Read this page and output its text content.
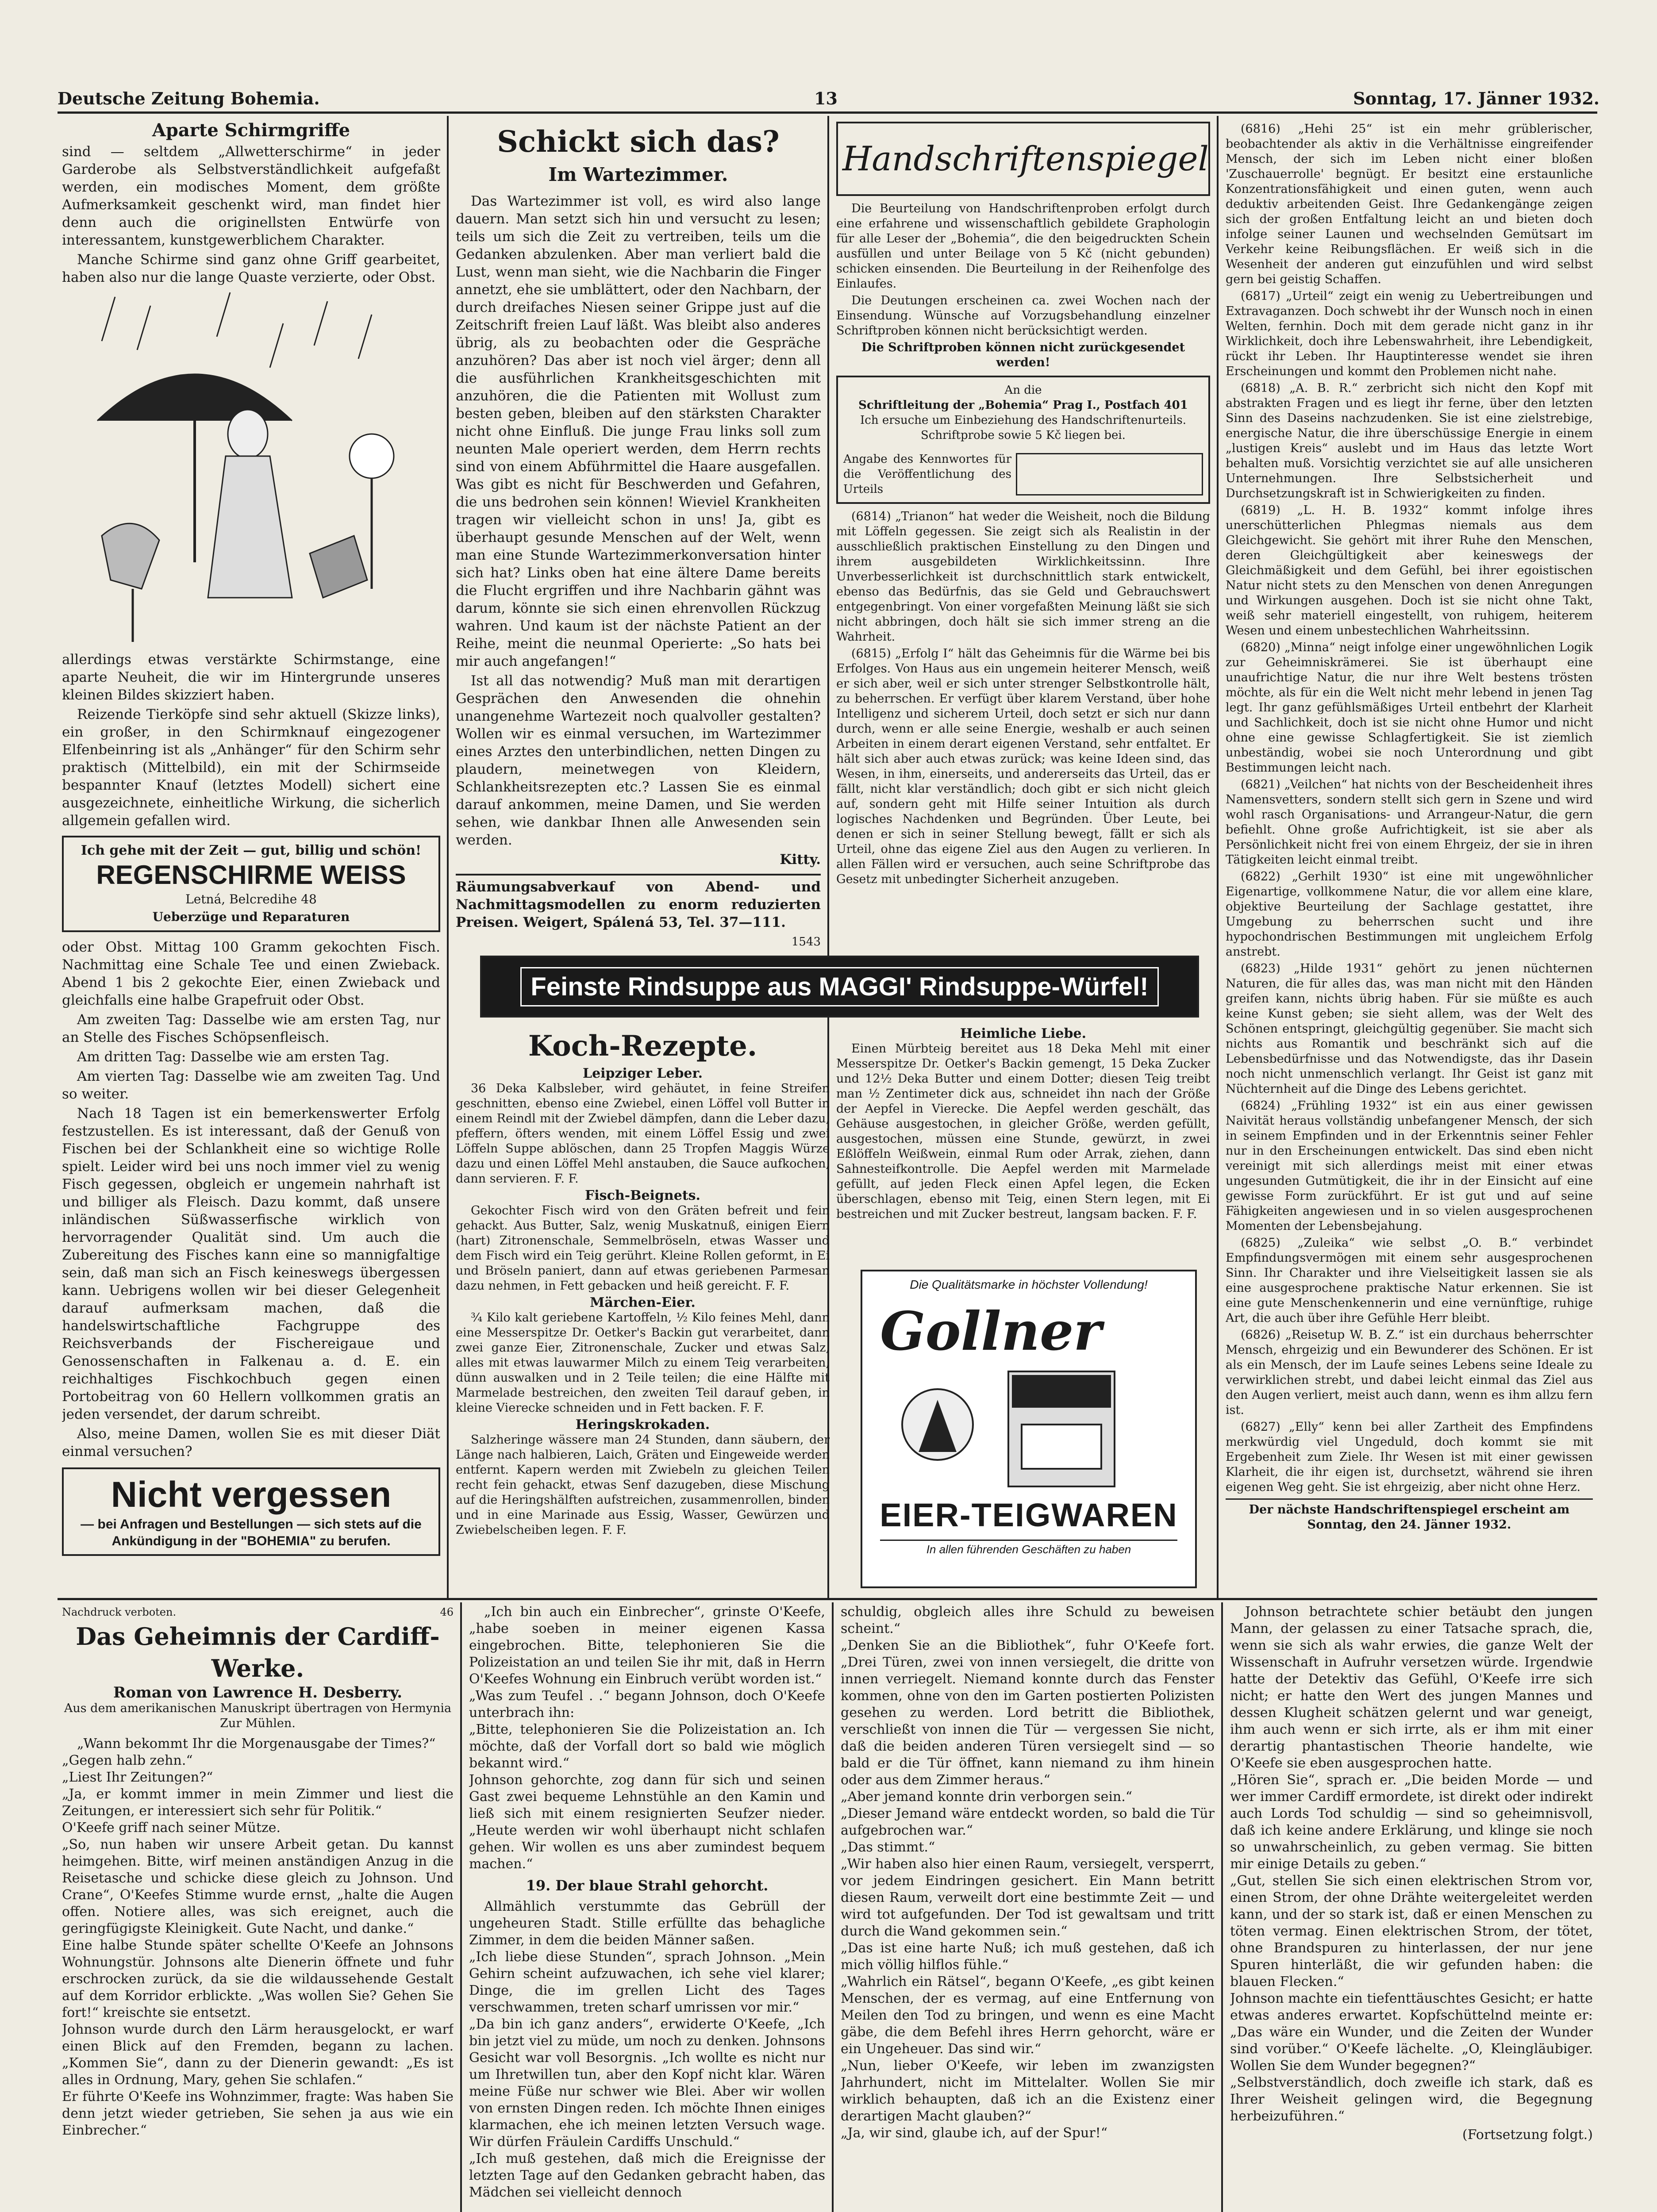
Deutsche Zeitung Bohemia.	13	Sonntag, 17. Jänner 1932.
Aparte Schirmgriffe

sind — seltdem „Allwetterschirme“ in jeder Garderobe als Selbstverständlichkeit aufgefaßt werden, ein modisches Moment, dem größte Aufmerksamkeit geschenkt wird, man findet hier denn auch die originellsten Entwürfe von interessantem, kunstgewerblichem Charakter.

Manche Schirme sind ganz ohne Griff gearbeitet, haben also nur die lange Quaste verzierte, oder Obst.

allerdings etwas verstärkte Schirmstange, eine aparte Neuheit, die wir im Hintergrunde unseres kleinen Bildes skizziert haben.

Reizende Tierköpfe sind sehr aktuell (Skizze links), ein großer, in den Schirmknauf eingezogener Elfenbeinring ist als „Anhänger“ für den Schirm sehr praktisch (Mittelbild), ein mit der Schirmseide bespannter Knauf (letztes Modell) sichert eine ausgezeichnete, einheitliche Wirkung, die sicherlich allgemein gefallen wird.

Ich gehe mit der Zeit — gut, billig und schön!
REGENSCHIRME WEISS
Letná, Belcredihe 48
Ueberzüge und Reparaturen

oder Obst. Mittag 100 Gramm gekochten Fisch. Nachmittag eine Schale Tee und einen Zwieback. Abend 1 bis 2 gekochte Eier, einen Zwieback und gleichfalls eine halbe Grapefruit oder Obst.

Am zweiten Tag: Dasselbe wie am ersten Tag, nur an Stelle des Fisches Schöpsenfleisch.

Am dritten Tag: Dasselbe wie am ersten Tag.

Am vierten Tag: Dasselbe wie am zweiten Tag. Und so weiter.

Nach 18 Tagen ist ein bemerkenswerter Erfolg festzustellen. Es ist interessant, daß der Genuß von Fischen bei der Schlankheit eine so wichtige Rolle spielt. Leider wird bei uns noch immer viel zu wenig Fisch gegessen, obgleich er ungemein nahrhaft ist und billiger als Fleisch. Dazu kommt, daß unsere inländischen Süßwasserfische wirklich von hervorragender Qualität sind. Um auch die Zubereitung des Fisches kann eine so mannigfaltige sein, daß man sich an Fisch keineswegs übergessen kann. Uebrigens wollen wir bei dieser Gelegenheit darauf aufmerksam machen, daß die handelswirtschaftliche Fachgruppe des Reichsverbands der Fischereigaue und Genossenschaften in Falkenau a. d. E. ein reichhaltiges Fischkochbuch gegen einen Portobeitrag von 60 Hellern vollkommen gratis an jeden versendet, der darum schreibt.

Also, meine Damen, wollen Sie es mit dieser Diät einmal versuchen?

Nicht vergessen
— bei Anfragen und Bestellungen — sich stets auf die Ankündigung in der "BOHEMIA" zu berufen.
Schickt sich das?
Im Wartezimmer.

Das Wartezimmer ist voll, es wird also lange dauern. Man setzt sich hin und versucht zu lesen; teils um sich die Zeit zu vertreiben, teils um die Gedanken abzulenken. Aber man verliert bald die Lust, wenn man sieht, wie die Nachbarin die Finger annetzt, ehe sie umblättert, oder den Nachbarn, der durch dreifaches Niesen seiner Grippe just auf die Zeitschrift freien Lauf läßt. Was bleibt also anderes übrig, als zu beobachten oder die Gespräche anzuhören? Das aber ist noch viel ärger; denn all die ausführlichen Krankheitsgeschichten mit anzuhören, die die Patienten mit Wollust zum besten geben, bleiben auf den stärksten Charakter nicht ohne Einfluß. Die junge Frau links soll zum neunten Male operiert werden, dem Herrn rechts sind von einem Abführmittel die Haare ausgefallen. Was gibt es nicht für Beschwerden und Gefahren, die uns bedrohen sein können! Wieviel Krankheiten tragen wir vielleicht schon in uns! Ja, gibt es überhaupt gesunde Menschen auf der Welt, wenn man eine Stunde Wartezimmerkonversation hinter sich hat? Links oben hat eine ältere Dame bereits die Flucht ergriffen und ihre Nachbarin gähnt was darum, könnte sie sich einen ehrenvollen Rückzug wahren. Und kaum ist der nächste Patient an der Reihe, meint die neunmal Operierte: „So hats bei mir auch angefangen!“

Ist all das notwendig? Muß man mit derartigen Gesprächen den Anwesenden die ohnehin unangenehme Wartezeit noch qualvoller gestalten? Wollen wir es einmal versuchen, im Wartezimmer eines Arztes den unterbindlichen, netten Dingen zu plaudern, meinetwegen von Kleidern, Schlankheitsrezepten etc.? Lassen Sie es einmal darauf ankommen, meine Damen, und Sie werden sehen, wie dankbar Ihnen alle Anwesenden sein werden.

Kitty.

Räumungsabverkauf von Abend- und Nachmittagsmodellen zu enorm reduzierten Preisen. Weigert, Spálená 53, Tel. 37—111.

1543
Handschriftenspiegel

Die Beurteilung von Handschriftenproben erfolgt durch eine erfahrene und wissenschaftlich gebildete Graphologin für alle Leser der „Bohemia“, die den beigedruckten Schein ausfüllen und unter Beilage von 5 Kč (nicht gebunden) schicken einsenden. Die Beurteilung in der Reihenfolge des Einlaufes.

Die Deutungen erscheinen ca. zwei Wochen nach der Einsendung. Wünsche auf Vorzugsbehandlung einzelner Schriftproben können nicht berücksichtigt werden.

Die Schriftproben können nicht zurückgesendet werden!

An die
Schriftleitung der „Bohemia“ Prag I., Postfach 401
Ich ersuche um Einbeziehung des Handschriftenurteils. Schriftprobe sowie 5 Kč liegen bei.
Angabe des Kennwortes für die Veröffentlichung des Urteils

(6814) „Trianon“ hat weder die Weisheit, noch die Bildung mit Löffeln gegessen. Sie zeigt sich als Realistin in der ausschließlich praktischen Einstellung zu den Dingen und ihrem ausgebildeten Wirklichkeitssinn. Ihre Unverbesserlichkeit ist durchschnittlich stark entwickelt, ebenso das Bedürfnis, das sie Geld und Gebrauchswert entgegenbringt. Von einer vorgefaßten Meinung läßt sie sich nicht abbringen, doch hält sie sich immer streng an die Wahrheit.

(6815) „Erfolg I“ hält das Geheimnis für die Wärme bei bis Erfolges. Von Haus aus ein ungemein heiterer Mensch, weiß er sich aber, weil er sich unter strenger Selbstkontrolle hält, zu beherrschen. Er verfügt über klarem Verstand, über hohe Intelligenz und sicherem Urteil, doch setzt er sich nur dann durch, wenn er alle seine Energie, weshalb er auch seinen Arbeiten in einem derart eigenen Verstand, sehr entfaltet. Er hält sich aber auch etwas zurück; was keine Ideen sind, das Wesen, in ihm, einerseits, und andererseits das Urteil, das er fällt, nicht klar verständlich; doch gibt er sich nicht gleich auf, sondern geht mit Hilfe seiner Intuition als durch logisches Nachdenken und Begründen. Über Leute, bei denen er sich in seiner Stellung bewegt, fällt er sich als Urteil, ohne das eigene Ziel aus den Augen zu verlieren. In allen Fällen wird er versuchen, auch seine Schriftprobe das Gesetz mit unbedingter Sicherheit anzugeben.

(6816) „Hehi 25“ ist ein mehr grüblerischer, beobachtender als aktiv in die Verhältnisse eingreifender Mensch, der sich im Leben nicht einer bloßen 'Zuschauerrolle' begnügt. Er besitzt eine erstaunliche Konzentrationsfähigkeit und einen guten, wenn auch deduktiv arbeitenden Geist. Ihre Gedankengänge zeigen sich der großen Entfaltung leicht an und bieten doch infolge seiner Launen und wechselnden Gemütsart im Verkehr keine Reibungsflächen. Er weiß sich in die Wesenheit der anderen gut einzufühlen und wird selbst gern bei geistig Schaffen.

(6817) „Urteil“ zeigt ein wenig zu Uebertreibungen und Extravaganzen. Doch schwebt ihr der Wunsch noch in einen Welten, fernhin. Doch mit dem gerade nicht ganz in ihr Wirklichkeit, doch ihre Lebenswahrheit, ihre Lebendigkeit, rückt ihr Leben. Ihr Hauptinteresse wendet sie ihren Erscheinungen und kommt den Problemen nicht nahe.

(6818) „A. B. R.“ zerbricht sich nicht den Kopf mit abstrakten Fragen und es liegt ihr ferne, über den letzten Sinn des Daseins nachzudenken. Sie ist eine zielstrebige, energische Natur, die ihre überschüssige Energie in einem „lustigen Kreis“ auslebt und im Haus das letzte Wort behalten muß. Vorsichtig verzichtet sie auf alle unsicheren Unternehmungen. Ihre Selbstsicherheit und Durchsetzungskraft ist in Schwierigkeiten zu finden.

(6819) „L. H. B. 1932“ kommt infolge ihres unerschütterlichen Phlegmas niemals aus dem Gleichgewicht. Sie gehört mit ihrer Ruhe den Menschen, deren Gleichgültigkeit aber keineswegs der Gleichmäßigkeit und dem Gefühl, bei ihrer egoistischen Natur nicht stets zu den Menschen von denen Anregungen und Wirkungen ausgehen. Doch ist sie nicht ohne Takt, weiß sehr materiell eingestellt, von ruhigem, heiterem Wesen und einem unbestechlichen Wahrheitssinn.

(6820) „Minna“ neigt infolge einer ungewöhnlichen Logik zur Geheimniskrämerei. Sie ist überhaupt eine unaufrichtige Natur, die nur ihre Welt bestens trösten möchte, als für ein die Welt nicht mehr lebend in jenen Tag legt. Ihr ganz gefühlsmäßiges Urteil entbehrt der Klarheit und Sachlichkeit, doch ist sie nicht ohne Humor und nicht ohne eine gewisse Schlagfertigkeit. Sie ist ziemlich unbeständig, wobei sie noch Unterordnung und gibt Bestimmungen leicht nach.

(6821) „Veilchen“ hat nichts von der Bescheidenheit ihres Namensvetters, sondern stellt sich gern in Szene und wird wohl rasch Organisations- und Arrangeur-Natur, die gern befiehlt. Ohne große Aufrichtigkeit, ist sie aber als Persönlichkeit nicht frei von einem Ehrgeiz, der sie in ihren Tätigkeiten leicht einmal treibt.

(6822) „Gerhilt 1930“ ist eine mit ungewöhnlicher Eigenartige, vollkommene Natur, die vor allem eine klare, objektive Beurteilung der Sachlage gestattet, ihre Umgebung zu beherrschen sucht und ihre hypochondrischen Bestimmungen mit ungleichem Erfolg anstrebt.

(6823) „Hilde 1931“ gehört zu jenen nüchternen Naturen, die für alles das, was man nicht mit den Händen greifen kann, nichts übrig haben. Für sie müßte es auch keine Kunst geben; sie sieht allem, was der Welt des Schönen entspringt, gleichgültig gegenüber. Sie macht sich nichts aus Romantik und beschränkt sich auf die Lebensbedürfnisse und das Notwendigste, das ihr Dasein noch nicht unmenschlich verlangt. Ihr Geist ist ganz mit Nüchternheit auf die Dinge des Lebens gerichtet.

(6824) „Frühling 1932“ ist ein aus einer gewissen Naivität heraus vollständig unbefangener Mensch, der sich in seinem Empfinden und in der Erkenntnis seiner Fehler nur in den Erscheinungen entwickelt. Das sind eben nicht vereinigt mit sich allerdings meist mit einer etwas ungesunden Gutmütigkeit, die ihr in der Einsicht auf eine gewisse Form zurückführt. Er ist gut und auf seine Fähigkeiten angewiesen und in so vielen ausgesprochenen Momenten der Lebensbejahung.

(6825) „Zuleika“ wie selbst „O. B.“ verbindet Empfindungsvermögen mit einem sehr ausgesprochenen Sinn. Ihr Charakter und ihre Vielseitigkeit lassen sie als eine ausgesprochene praktische Natur erkennen. Sie ist eine gute Menschenkennerin und eine vernünftige, ruhige Art, die auch über ihre Gefühle Herr bleibt.

(6826) „Reisetup W. B. Z.“ ist ein durchaus beherrschter Mensch, ehrgeizig und ein Bewunderer des Schönen. Er ist als ein Mensch, der im Laufe seines Lebens seine Ideale zu verwirklichen strebt, und dabei leicht einmal das Ziel aus den Augen verliert, meist auch dann, wenn es ihm allzu fern ist.

(6827) „Elly“ kenn bei aller Zartheit des Empfindens merkwürdig viel Ungeduld, doch kommt sie mit Ergebenheit zum Ziele. Ihr Wesen ist mit einer gewissen Klarheit, die ihr eigen ist, durchsetzt, während sie ihren eigenen Weg geht. Sie ist ehrgeizig, aber nicht ohne Herz.

Der nächste Handschriftenspiegel erscheint am Sonntag, den 24. Jänner 1932.
Feinste Rindsuppe aus MAGGI' Rindsuppe-Würfel!
Koch-Rezepte.
Leipziger Leber.

36 Deka Kalbsleber, wird gehäutet, in feine Streifen geschnitten, ebenso eine Zwiebel, einen Löffel voll Butter in einem Reindl mit der Zwiebel dämpfen, dann die Leber dazu, pfeffern, öfters wenden, mit einem Löffel Essig und zwei Löffeln Suppe ablöschen, dann 25 Tropfen Maggis Würze dazu und einen Löffel Mehl anstauben, die Sauce aufkochen, dann servieren. F. F.

Fisch-Beignets.

Gekochter Fisch wird von den Gräten befreit und fein gehackt. Aus Butter, Salz, wenig Muskatnuß, einigen Eiern (hart) Zitronenschale, Semmelbröseln, etwas Wasser und dem Fisch wird ein Teig gerührt. Kleine Rollen geformt, in Ei und Bröseln paniert, dann auf etwas geriebenen Parmesan dazu nehmen, in Fett gebacken und heiß gereicht. F. F.

Märchen-Eier.

¾ Kilo kalt geriebene Kartoffeln, ½ Kilo feines Mehl, dann eine Messerspitze Dr. Oetker's Backin gut verarbeitet, dann zwei ganze Eier, Zitronenschale, Zucker und etwas Salz, alles mit etwas lauwarmer Milch zu einem Teig verarbeiten, dünn auswalken und in 2 Teile teilen; die eine Hälfte mit Marmelade bestreichen, den zweiten Teil darauf geben, in kleine Vierecke schneiden und in Fett backen. F. F.

Heringskrokaden.

Salzheringe wässere man 24 Stunden, dann säubern, der Länge nach halbieren, Laich, Gräten und Eingeweide werden entfernt. Kapern werden mit Zwiebeln zu gleichen Teilen recht fein gehackt, etwas Senf dazugeben, diese Mischung auf die Heringshälften aufstreichen, zusammenrollen, binden und in eine Marinade aus Essig, Wasser, Gewürzen und Zwiebelscheiben legen. F. F.

Heimliche Liebe.

Einen Mürbteig bereitet aus 18 Deka Mehl mit einer Messerspitze Dr. Oetker's Backin gemengt, 15 Deka Zucker und 12½ Deka Butter und einem Dotter; diesen Teig treibt man ½ Zentimeter dick aus, schneidet ihn nach der Größe der Aepfel in Vierecke. Die Aepfel werden geschält, das Gehäuse ausgestochen, in gleicher Größe, werden gefüllt, ausgestochen, müssen eine Stunde, gewürzt, in zwei Eßlöffeln Weißwein, einmal Rum oder Arrak, ziehen, dann Sahnesteifkontrolle. Die Aepfel werden mit Marmelade gefüllt, auf jeden Fleck einen Apfel legen, die Ecken überschlagen, ebenso mit Teig, einen Stern legen, mit Ei bestreichen und mit Zucker bestreut, langsam backen. F. F.

Die Qualitätsmarke in höchster Vollendung!
Gollner
EIER-TEIGWAREN
In allen führenden Geschäften zu haben
Nachdruck verboten.	46
Das Geheimnis der Cardiff-Werke.
Roman von Lawrence H. Desberry.
Aus dem amerikanischen Manuskript übertragen von Hermynia Zur Mühlen.

„Wann bekommt Ihr die Morgenausgabe der Times?“
„Gegen halb zehn.“
„Liest Ihr Zeitungen?“
„Ja, er kommt immer in mein Zimmer und liest die Zeitungen, er interessiert sich sehr für Politik.“
O'Keefe griff nach seiner Mütze.
„So, nun haben wir unsere Arbeit getan. Du kannst heimgehen. Bitte, wirf meinen anständigen Anzug in die Reisetasche und schicke diese gleich zu Johnson. Und Crane“, O'Keefes Stimme wurde ernst, „halte die Augen offen. Notiere alles, was sich ereignet, auch die geringfügigste Kleinigkeit. Gute Nacht, und danke.“
Eine halbe Stunde später schellte O'Keefe an Johnsons Wohnungstür. Johnsons alte Dienerin öffnete und fuhr erschrocken zurück, da sie die wildaussehende Gestalt auf dem Korridor erblickte. „Was wollen Sie? Gehen Sie fort!“ kreischte sie entsetzt.
Johnson wurde durch den Lärm herausgelockt, er warf einen Blick auf den Fremden, begann zu lachen. „Kommen Sie“, dann zu der Dienerin gewandt: „Es ist alles in Ordnung, Mary, gehen Sie schlafen.“
Er führte O'Keefe ins Wohnzimmer, fragte: Was haben Sie denn jetzt wieder getrieben, Sie sehen ja aus wie ein Einbrecher.“

„Ich bin auch ein Einbrecher“, grinste O'Keefe, „habe soeben in meiner eigenen Kassa eingebrochen. Bitte, telephonieren Sie die Polizeistation an und teilen Sie ihr mit, daß in Herrn O'Keefes Wohnung ein Einbruch verübt worden ist.“
„Was zum Teufel . .“ begann Johnson, doch O'Keefe unterbrach ihn:
„Bitte, telephonieren Sie die Polizeistation an. Ich möchte, daß der Vorfall dort so bald wie möglich bekannt wird.“
Johnson gehorchte, zog dann für sich und seinen Gast zwei bequeme Lehnstühle an den Kamin und ließ sich mit einem resignierten Seufzer nieder. „Heute werden wir wohl überhaupt nicht schlafen gehen. Wir wollen es uns aber zumindest bequem machen.“

19. Der blaue Strahl gehorcht.

Allmählich verstummte das Gebrüll der ungeheuren Stadt. Stille erfüllte das behagliche Zimmer, in dem die beiden Männer saßen.
„Ich liebe diese Stunden“, sprach Johnson. „Mein Gehirn scheint aufzuwachen, ich sehe viel klarer; Dinge, die im grellen Licht des Tages verschwammen, treten scharf umrissen vor mir.“
„Da bin ich ganz anders“, erwiderte O'Keefe, „Ich bin jetzt viel zu müde, um noch zu denken. Johnsons Gesicht war voll Besorgnis. „Ich wollte es nicht nur um Ihretwillen tun, aber den Kopf nicht klar. Wären meine Füße nur schwer wie Blei. Aber wir wollen von ernsten Dingen reden. Ich möchte Ihnen einiges klarmachen, ehe ich meinen letzten Versuch wage. Wir dürfen Fräulein Cardiffs Unschuld.“
„Ich muß gestehen, daß mich die Ereignisse der letzten Tage auf den Gedanken gebracht haben, das Mädchen sei vielleicht dennoch

schuldig, obgleich alles ihre Schuld zu beweisen scheint.“
„Denken Sie an die Bibliothek“, fuhr O'Keefe fort. „Drei Türen, zwei von innen versiegelt, die dritte von innen verriegelt. Niemand konnte durch das Fenster kommen, ohne von den im Garten postierten Polizisten gesehen zu werden. Lord betritt die Bibliothek, verschließt von innen die Tür — vergessen Sie nicht, daß die beiden anderen Türen versiegelt sind — so bald er die Tür öffnet, kann niemand zu ihm hinein oder aus dem Zimmer heraus.“
„Aber jemand konnte drin verborgen sein.“
„Dieser Jemand wäre entdeckt worden, so bald die Tür aufgebrochen war.“
„Das stimmt.“
„Wir haben also hier einen Raum, versiegelt, versperrt, vor jedem Eindringen gesichert. Ein Mann betritt diesen Raum, verweilt dort eine bestimmte Zeit — und wird tot aufgefunden. Der Tod ist gewaltsam und tritt durch die Wand gekommen sein.“
„Das ist eine harte Nuß; ich muß gestehen, daß ich mich völlig hilflos fühle.“
„Wahrlich ein Rätsel“, begann O'Keefe, „es gibt keinen Menschen, der es vermag, auf eine Entfernung von Meilen den Tod zu bringen, und wenn es eine Macht gäbe, die dem Befehl ihres Herrn gehorcht, wäre er ein Ungeheuer. Das sind wir.“
„Nun, lieber O'Keefe, wir leben im zwanzigsten Jahrhundert, nicht im Mittelalter. Wollen Sie mir wirklich behaupten, daß ich an die Existenz einer derartigen Macht glauben?“
„Ja, wir sind, glaube ich, auf der Spur!“

Johnson betrachtete schier betäubt den jungen Mann, der gelassen zu einer Tatsache sprach, die, wenn sie sich als wahr erwies, die ganze Welt der Wissenschaft in Aufruhr versetzen würde. Irgendwie hatte der Detektiv das Gefühl, O'Keefe irre sich nicht; er hatte den Wert des jungen Mannes und dessen Klugheit schätzen gelernt und war geneigt, ihm auch wenn er sich irrte, als er ihm mit einer derartig phantastischen Theorie handelte, wie O'Keefe sie eben ausgesprochen hatte.
„Hören Sie“, sprach er. „Die beiden Morde — und wer immer Cardiff ermordete, ist direkt oder indirekt auch Lords Tod schuldig — sind so geheimnisvoll, daß ich keine andere Erklärung, und klinge sie noch so unwahrscheinlich, zu geben vermag. Sie bitten mir einige Details zu geben.“
„Gut, stellen Sie sich einen elektrischen Strom vor, einen Strom, der ohne Drähte weitergeleitet werden kann, und der so stark ist, daß er einen Menschen zu töten vermag. Einen elektrischen Strom, der tötet, ohne Brandspuren zu hinterlassen, der nur jene Spuren hinterläßt, die wir gefunden haben: die blauen Flecken.“
Johnson machte ein tiefenttäuschtes Gesicht; er hatte etwas anderes erwartet. Kopfschüttelnd meinte er: „Das wäre ein Wunder, und die Zeiten der Wunder sind vorüber.“ O'Keefe lächelte. „O, Kleingläubiger. Wollen Sie dem Wunder begegnen?“
„Selbstverständlich, doch zweifle ich stark, daß es Ihrer Weisheit gelingen wird, die Begegnung herbeizuführen.“

(Fortsetzung folgt.)
